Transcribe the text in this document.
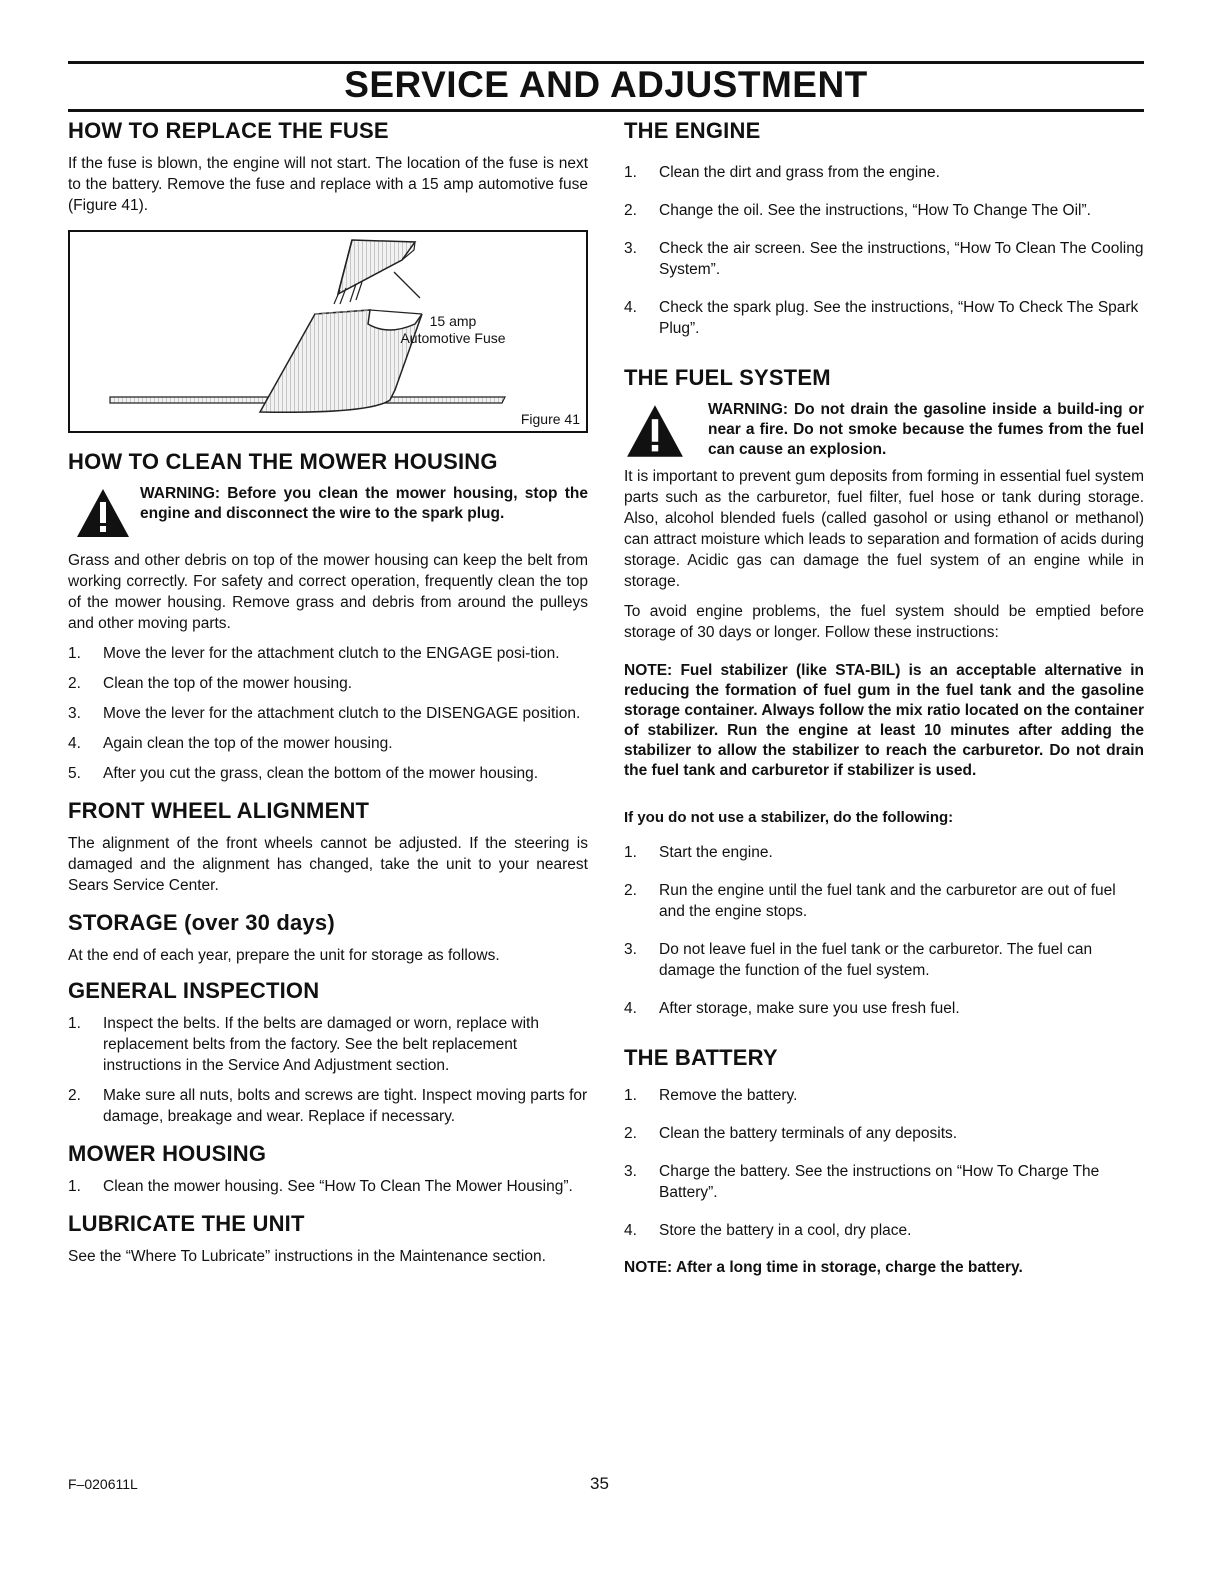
SERVICE AND ADJUSTMENT
HOW TO REPLACE THE FUSE

If the fuse is blown, the engine will not start. The location of the fuse is next to the battery. Remove the fuse and replace with a 15 amp automotive fuse (Figure 41).

15 amp
Automotive Fuse
Figure 41
HOW TO CLEAN THE MOWER HOUSING
WARNING: Before you clean the mower housing, stop the engine and disconnect the wire to the spark plug.

Grass and other debris on top of the mower housing can keep the belt from working correctly. For safety and correct operation, frequently clean the top of the mower housing. Remove grass and debris from around the pulleys and other moving parts.

1. Move the lever for the attachment clutch to the ENGAGE posi-tion.
2. Clean the top of the mower housing.
3. Move the lever for the attachment clutch to the DISENGAGE position.
4. Again clean the top of the mower housing.
5. After you cut the grass, clean the bottom of the mower housing.
FRONT WHEEL ALIGNMENT

The alignment of the front wheels cannot be adjusted. If the steering is damaged and the alignment has changed, take the unit to your nearest Sears Service Center.

STORAGE (over 30 days)

At the end of each year, prepare the unit for storage as follows.

GENERAL INSPECTION
1. Inspect the belts. If the belts are damaged or worn, replace with replacement belts from the factory. See the belt replacement instructions in the Service And Adjustment section.
2. Make sure all nuts, bolts and screws are tight. Inspect moving parts for damage, breakage and wear. Replace if necessary.
MOWER HOUSING
1. Clean the mower housing. See “How To Clean The Mower Housing”.
LUBRICATE THE UNIT

See the “Where To Lubricate” instructions in the Maintenance section.

THE ENGINE
1. Clean the dirt and grass from the engine.
2. Change the oil. See the instructions, “How To Change The Oil”.
3. Check the air screen. See the instructions, “How To Clean The Cooling System”.
4. Check the spark plug. See the instructions, “How To Check The Spark Plug”.
THE FUEL SYSTEM
WARNING: Do not drain the gasoline inside a build-ing or near a fire. Do not smoke because the fumes from the fuel can cause an explosion.

It is important to prevent gum deposits from forming in essential fuel system parts such as the carburetor, fuel filter, fuel hose or tank during storage. Also, alcohol blended fuels (called gasohol or using ethanol or methanol) can attract moisture which leads to separation and formation of acids during storage. Acidic gas can damage the fuel system of an engine while in storage.

To avoid engine problems, the fuel system should be emptied before storage of 30 days or longer. Follow these instructions:

NOTE: Fuel stabilizer (like STA-BIL) is an acceptable alternative in reducing the formation of fuel gum in the fuel tank and the gasoline storage container. Always follow the mix ratio located on the container of stabilizer. Run the engine at least 10 minutes after adding the stabilizer to allow the stabilizer to reach the carburetor. Do not drain the fuel tank and carburetor if stabilizer is used.

If you do not use a stabilizer, do the following:

1. Start the engine.
2. Run the engine until the fuel tank and the carburetor are out of fuel and the engine stops.
3. Do not leave fuel in the fuel tank or the carburetor. The fuel can damage the function of the fuel system.
4. After storage, make sure you use fresh fuel.
THE BATTERY
1. Remove the battery.
2. Clean the battery terminals of any deposits.
3. Charge the battery. See the instructions on “How To Charge The Battery”.
4. Store the battery in a cool, dry place.

NOTE: After a long time in storage, charge the battery.

F–020611L	35
